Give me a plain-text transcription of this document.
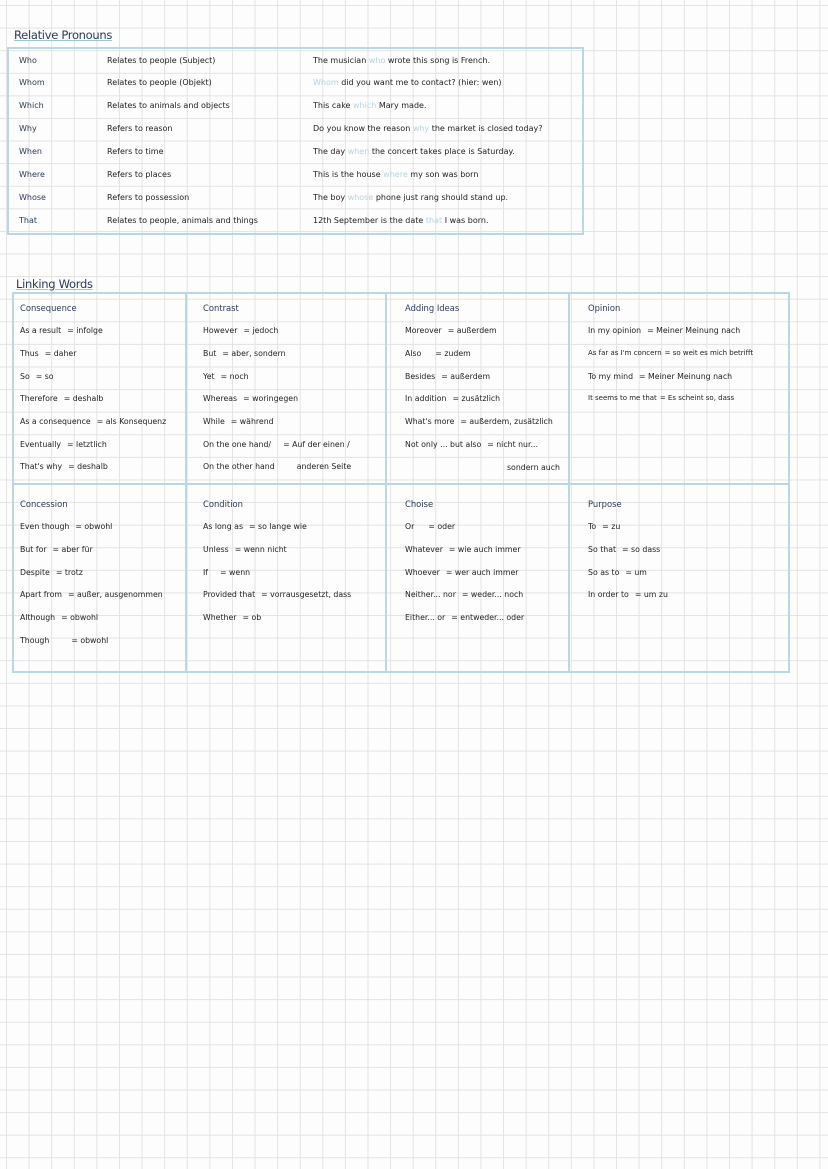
Relative Pronouns
Who	Relates to people (Subject)	The musician who wrote this song is French.
Whom	Relates to people (Objekt)	Whom did you want me to contact? (hier: wen)
Which	Relates to animals and objects	This cake which Mary made.
Why	Refers to reason	Do you know the reason why the market is closed today?
When	Refers to time	The day when the concert takes place is Saturday.
Where	Refers to places	This is the house where my son was born
Whose	Refers to possession	The boy whose phone just rang should stand up.
That	Relates to people, animals and things	12th September is the date that I was born.
Linking Words
Consequence
As a result = infolge
Thus = daher
So = so
Therefore = deshalb
As a consequence = als Konsequenz
Eventually = letztlich
That's why = deshalb
Contrast
However = jedoch
But = aber, sondern
Yet = noch
Whereas = woringegen
While = während
On the one hand/ = Auf der einen /
On the other hand	anderen Seite
Adding Ideas
Moreover = außerdem
Also = zudem
Besides = außerdem
In addition = zusätzlich
What's more = außerdem, zusätzlich
Not only ... but also = nicht nur...
sondern auch
Opinion
In my opinion = Meiner Meinung nach
As far as I'm concern = so weit es mich betrifft
To my mind = Meiner Meinung nach
It seems to me that = Es scheint so, dass
Concession
Even though = obwohl
But for = aber für
Despite = trotz
Apart from = außer, ausgenommen
Although = obwohl
Though	= obwohl
Condition
As long as = so lange wie
Unless = wenn nicht
If = wenn
Provided that = vorrausgesetzt, dass
Whether = ob
Choise
Or = oder
Whatever = wie auch immer
Whoever = wer auch immer
Neither... nor = weder... noch
Either... or = entweder... oder
Purpose
To = zu
So that = so dass
So as to = um
In order to = um zu
